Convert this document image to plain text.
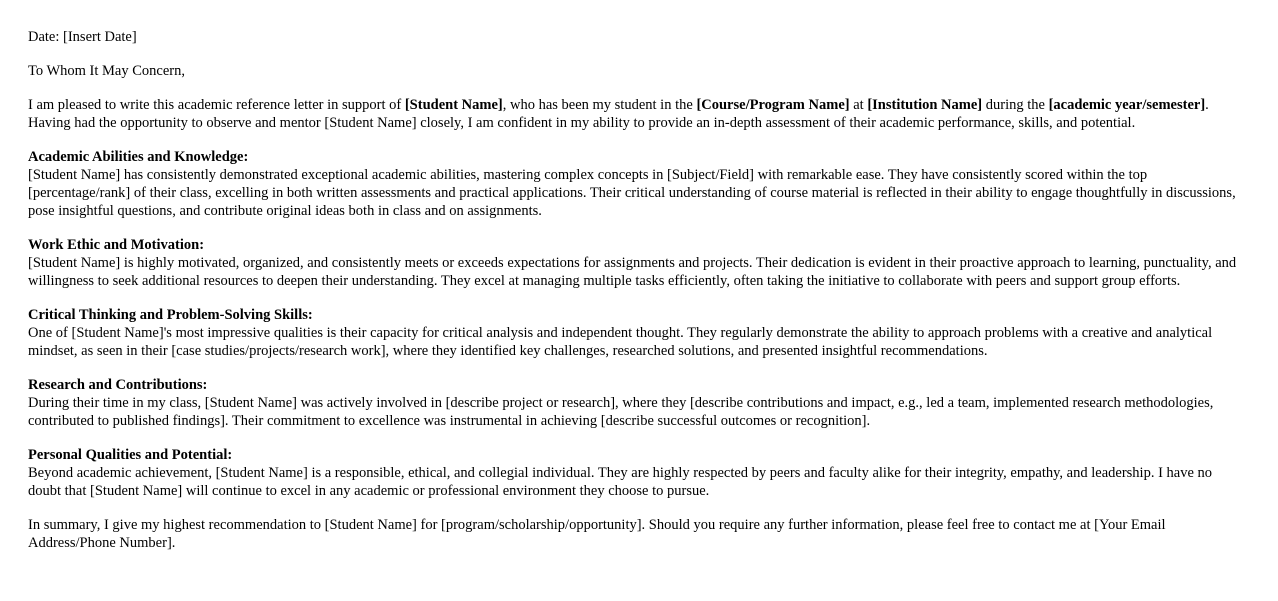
Date: [Insert Date]

To Whom It May Concern,

I am pleased to write this academic reference letter in support of [Student Name], who has been my student in the [Course/Program Name] at [Institution Name] during the [academic year/semester]. Having had the opportunity to observe and mentor [Student Name] closely, I am confident in my ability to provide an in-depth assessment of their academic performance, skills, and potential.

Academic Abilities and Knowledge:
[Student Name] has consistently demonstrated exceptional academic abilities, mastering complex concepts in [Subject/Field] with remarkable ease. They have consistently scored within the top [percentage/rank] of their class, excelling in both written assessments and practical applications. Their critical understanding of course material is reflected in their ability to engage thoughtfully in discussions, pose insightful questions, and contribute original ideas both in class and on assignments.
Work Ethic and Motivation:
[Student Name] is highly motivated, organized, and consistently meets or exceeds expectations for assignments and projects. Their dedication is evident in their proactive approach to learning, punctuality, and willingness to seek additional resources to deepen their understanding. They excel at managing multiple tasks efficiently, often taking the initiative to collaborate with peers and support group efforts.
Critical Thinking and Problem-Solving Skills:
One of [Student Name]'s most impressive qualities is their capacity for critical analysis and independent thought. They regularly demonstrate the ability to approach problems with a creative and analytical mindset, as seen in their [case studies/projects/research work], where they identified key challenges, researched solutions, and presented insightful recommendations.
Research and Contributions:
During their time in my class, [Student Name] was actively involved in [describe project or research], where they [describe contributions and impact, e.g., led a team, implemented research methodologies, contributed to published findings]. Their commitment to excellence was instrumental in achieving [describe successful outcomes or recognition].
Personal Qualities and Potential:
Beyond academic achievement, [Student Name] is a responsible, ethical, and collegial individual. They are highly respected by peers and faculty alike for their integrity, empathy, and leadership. I have no doubt that [Student Name] will continue to excel in any academic or professional environment they choose to pursue.

In summary, I give my highest recommendation to [Student Name] for [program/scholarship/opportunity]. Should you require any further information, please feel free to contact me at [Your Email Address/Phone Number].
